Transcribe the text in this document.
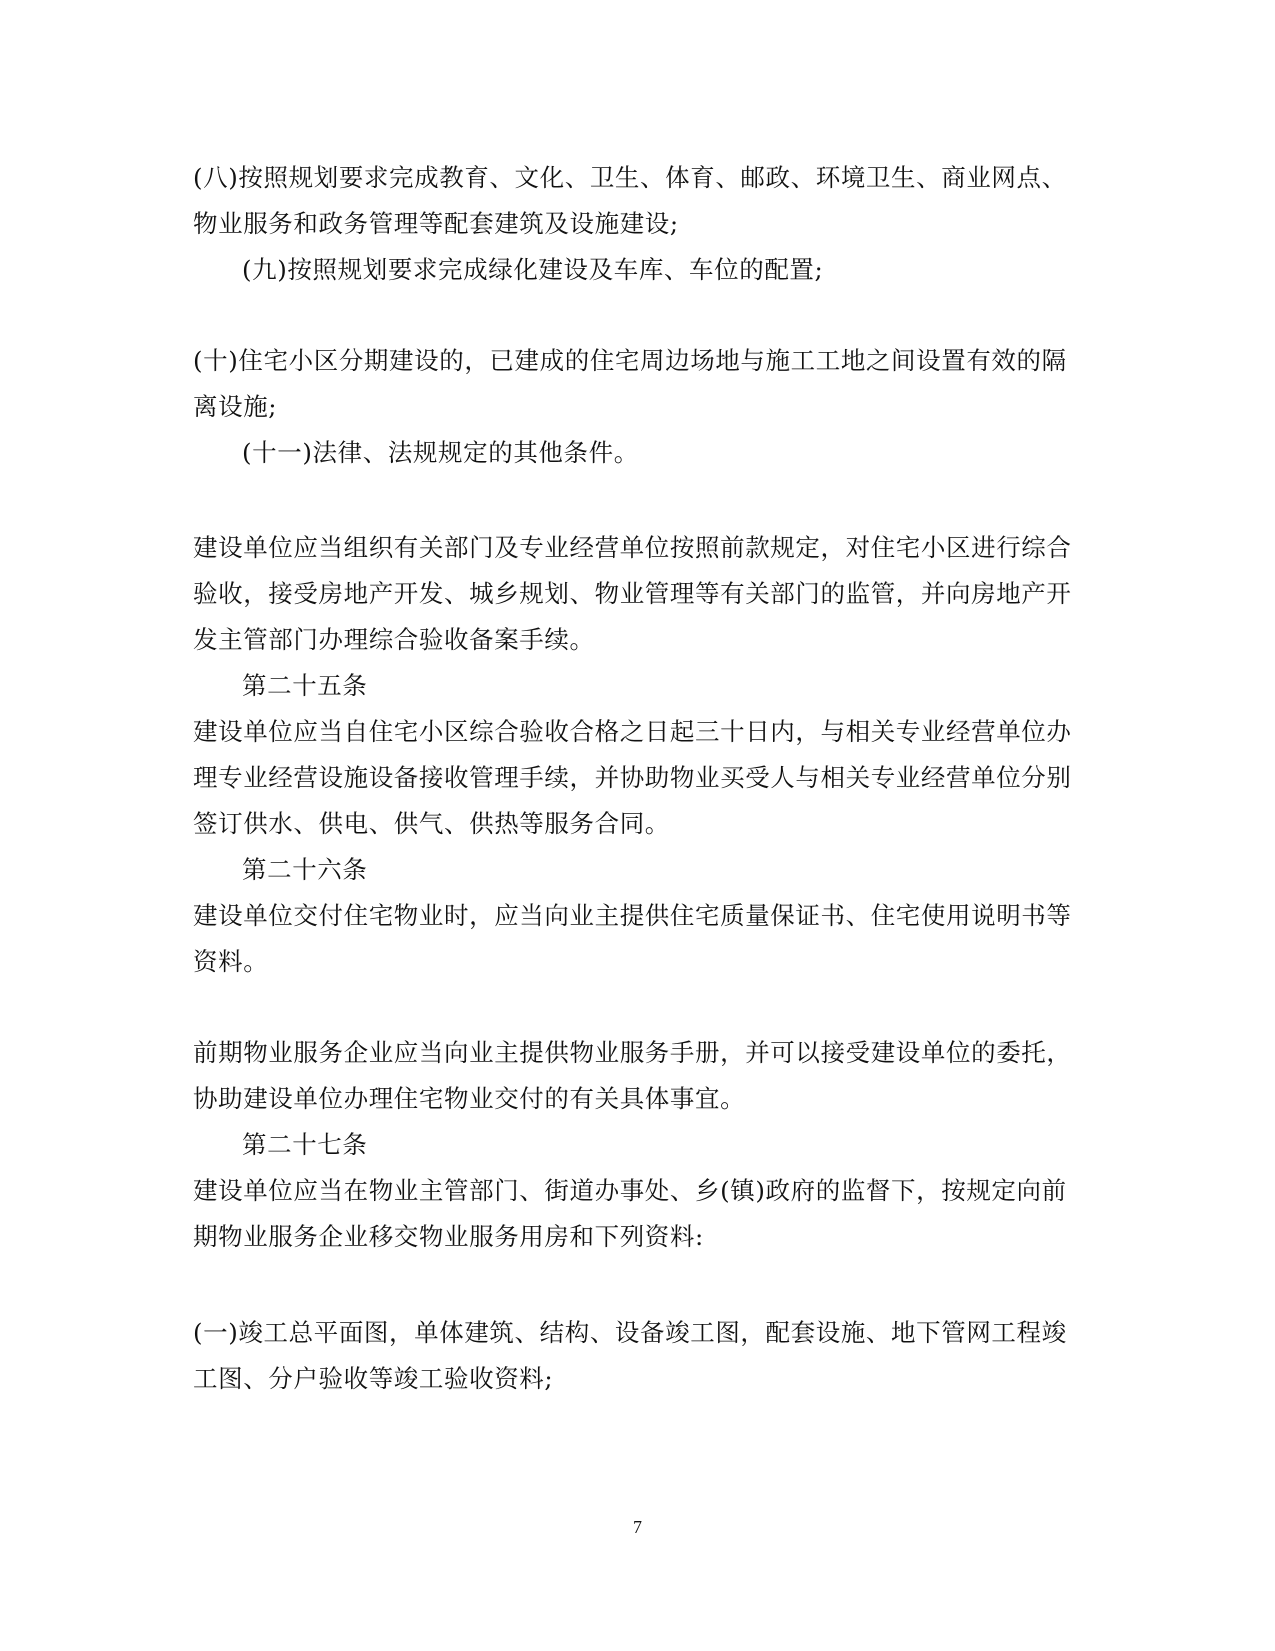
(八)按照规划要求完成教育、文化、卫生、体育、邮政、环境卫生、商业网点、
物业服务和政务管理等配套建筑及设施建设;
(九)按照规划要求完成绿化建设及车库、车位的配置;
(十)住宅小区分期建设的，已建成的住宅周边场地与施工工地之间设置有效的隔
离设施;
(十一)法律、法规规定的其他条件。
建设单位应当组织有关部门及专业经营单位按照前款规定，对住宅小区进行综合
验收，接受房地产开发、城乡规划、物业管理等有关部门的监管，并向房地产开
发主管部门办理综合验收备案手续。
第二十五条
建设单位应当自住宅小区综合验收合格之日起三十日内，与相关专业经营单位办
理专业经营设施设备接收管理手续，并协助物业买受人与相关专业经营单位分别
签订供水、供电、供气、供热等服务合同。
第二十六条
建设单位交付住宅物业时，应当向业主提供住宅质量保证书、住宅使用说明书等
资料。
前期物业服务企业应当向业主提供物业服务手册，并可以接受建设单位的委托，
协助建设单位办理住宅物业交付的有关具体事宜。
第二十七条
建设单位应当在物业主管部门、街道办事处、乡(镇)政府的监督下，按规定向前
期物业服务企业移交物业服务用房和下列资料:
(一)竣工总平面图，单体建筑、结构、设备竣工图，配套设施、地下管网工程竣
工图、分户验收等竣工验收资料;
7
